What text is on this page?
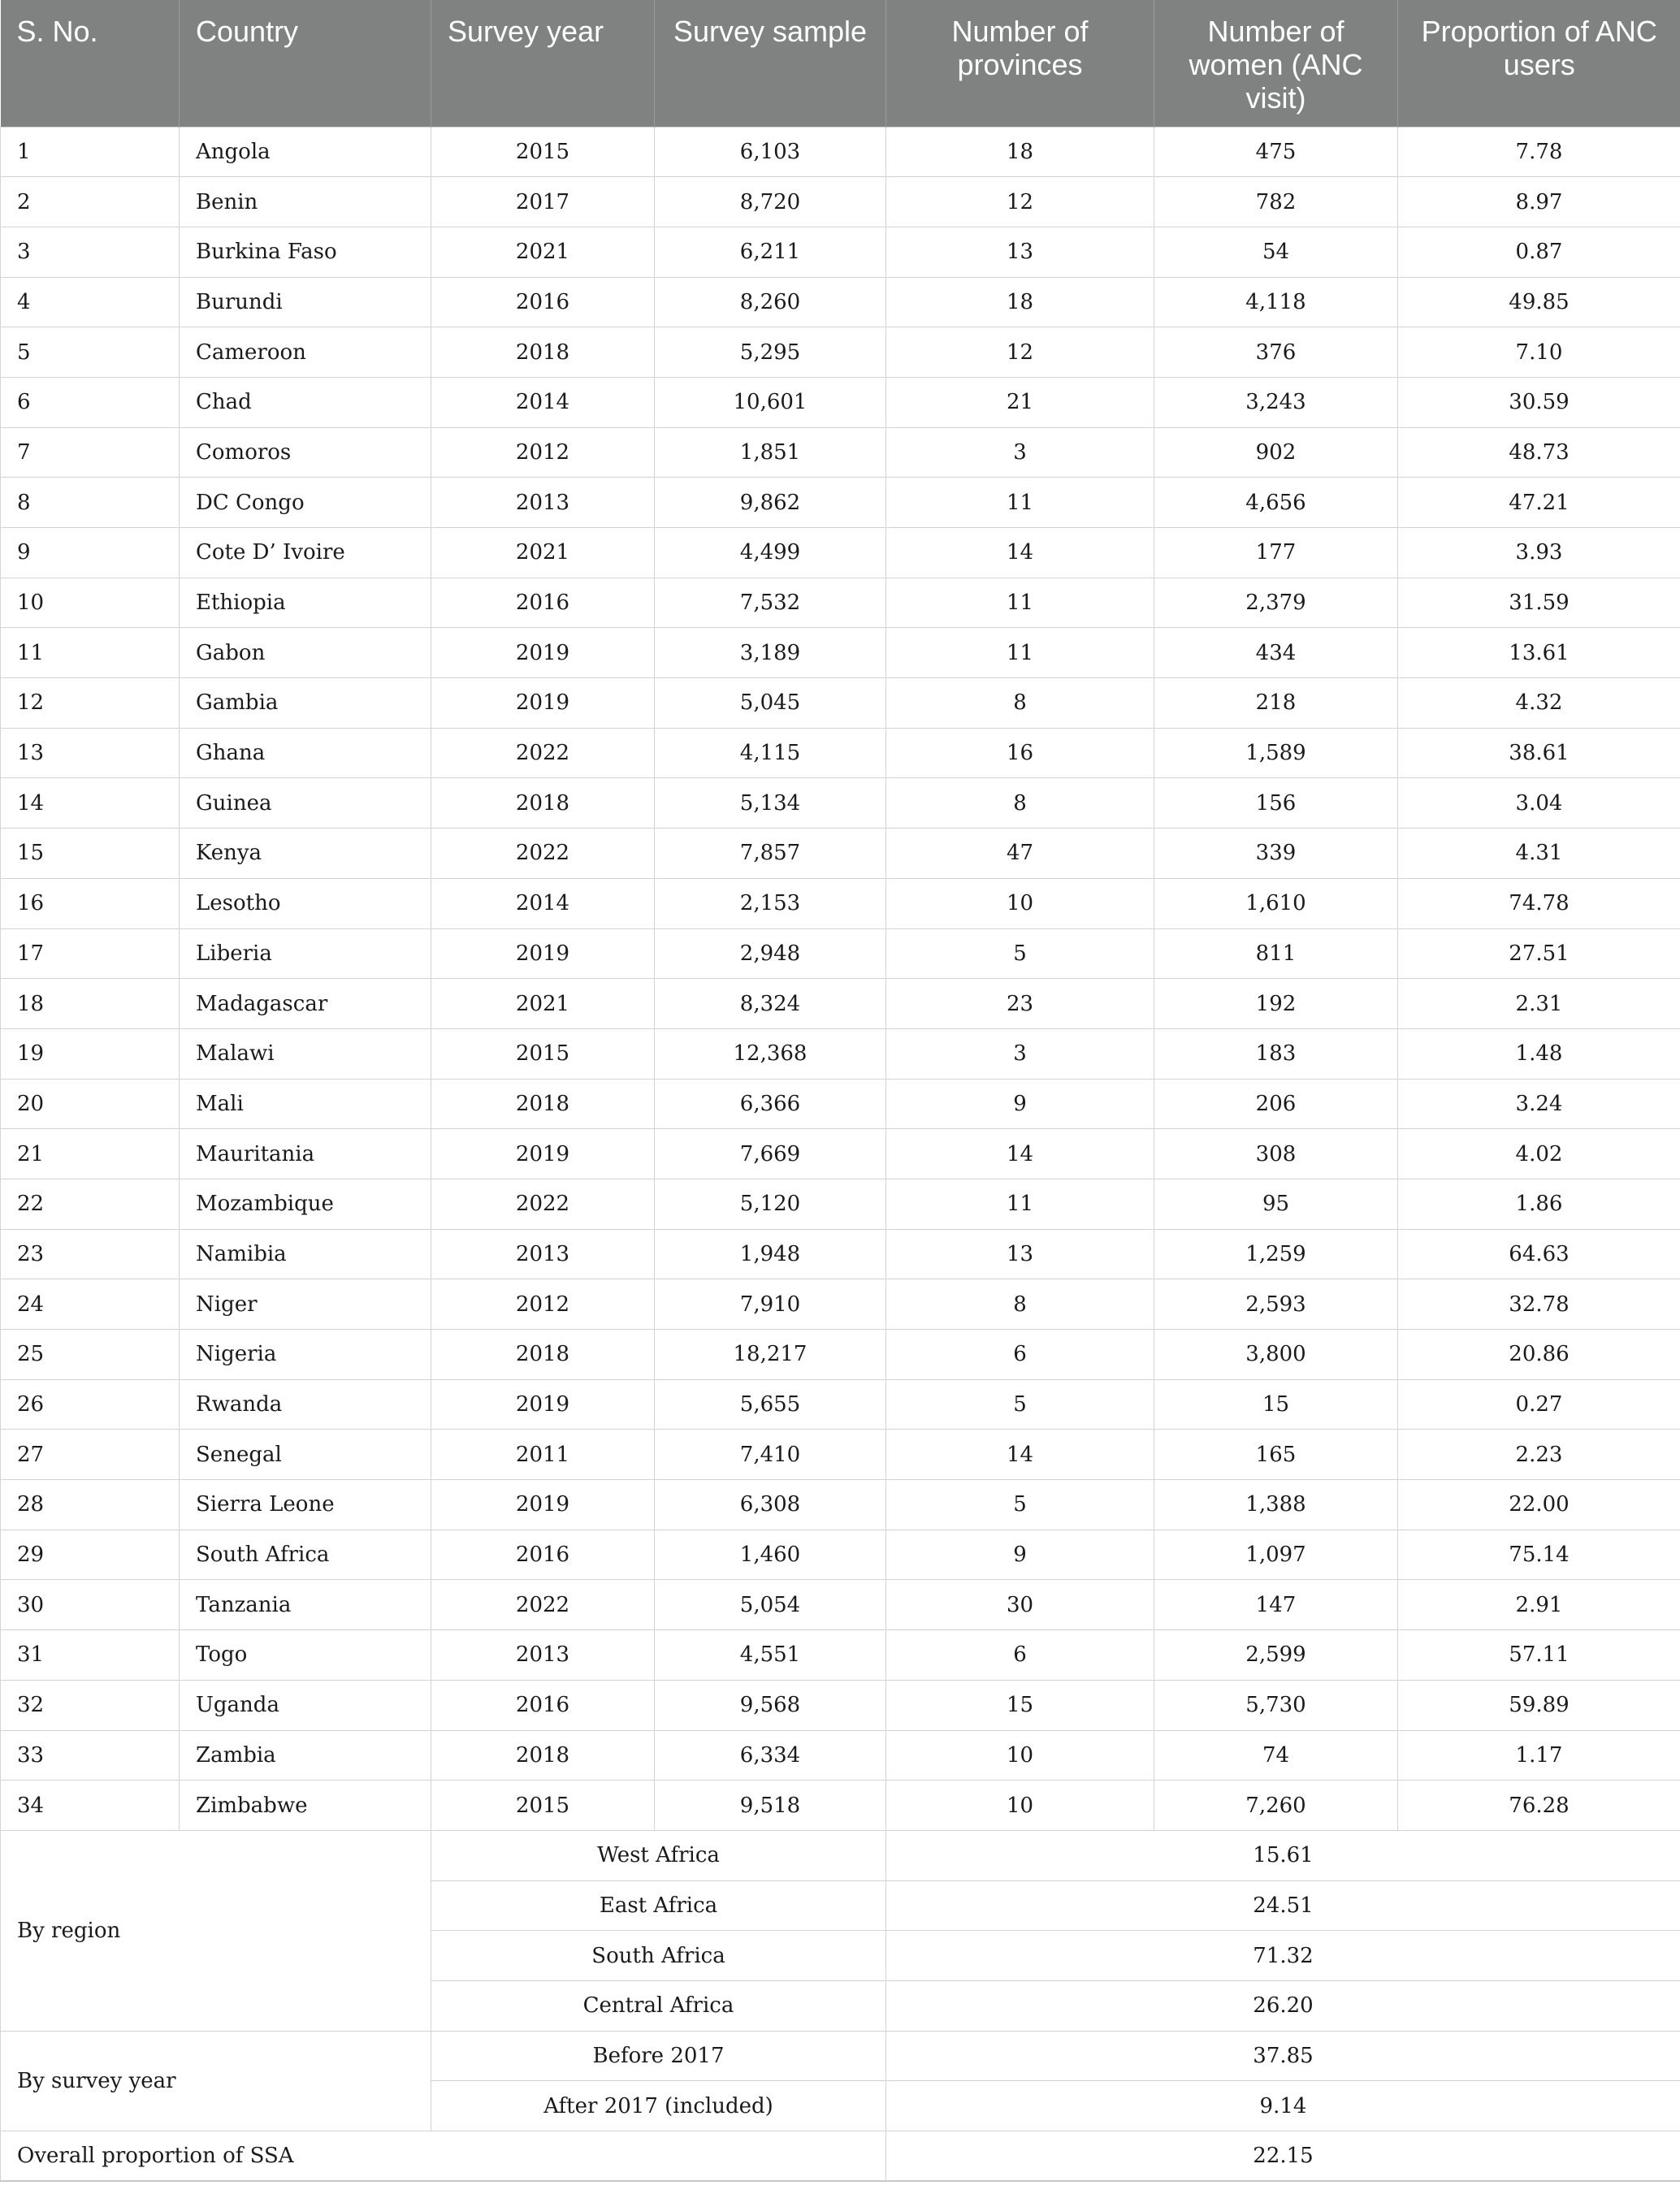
S. No.	Country	Survey year	Survey sample	Number of provinces	Number of women (ANC visit)	Proportion of ANC users
1	Angola	2015	6,103	18	475	7.78
2	Benin	2017	8,720	12	782	8.97
3	Burkina Faso	2021	6,211	13	54	0.87
4	Burundi	2016	8,260	18	4,118	49.85
5	Cameroon	2018	5,295	12	376	7.10
6	Chad	2014	10,601	21	3,243	30.59
7	Comoros	2012	1,851	3	902	48.73
8	DC Congo	2013	9,862	11	4,656	47.21
9	Cote D’ Ivoire	2021	4,499	14	177	3.93
10	Ethiopia	2016	7,532	11	2,379	31.59
11	Gabon	2019	3,189	11	434	13.61
12	Gambia	2019	5,045	8	218	4.32
13	Ghana	2022	4,115	16	1,589	38.61
14	Guinea	2018	5,134	8	156	3.04
15	Kenya	2022	7,857	47	339	4.31
16	Lesotho	2014	2,153	10	1,610	74.78
17	Liberia	2019	2,948	5	811	27.51
18	Madagascar	2021	8,324	23	192	2.31
19	Malawi	2015	12,368	3	183	1.48
20	Mali	2018	6,366	9	206	3.24
21	Mauritania	2019	7,669	14	308	4.02
22	Mozambique	2022	5,120	11	95	1.86
23	Namibia	2013	1,948	13	1,259	64.63
24	Niger	2012	7,910	8	2,593	32.78
25	Nigeria	2018	18,217	6	3,800	20.86
26	Rwanda	2019	5,655	5	15	0.27
27	Senegal	2011	7,410	14	165	2.23
28	Sierra Leone	2019	6,308	5	1,388	22.00
29	South Africa	2016	1,460	9	1,097	75.14
30	Tanzania	2022	5,054	30	147	2.91
31	Togo	2013	4,551	6	2,599	57.11
32	Uganda	2016	9,568	15	5,730	59.89
33	Zambia	2018	6,334	10	74	1.17
34	Zimbabwe	2015	9,518	10	7,260	76.28
By region		West Africa		15.61		
		East Africa		24.51		
		South Africa		71.32		
		Central Africa		26.20		
By survey year		Before 2017		37.85		
		After 2017 (included)		9.14		
Overall proportion of SSA				22.15		
